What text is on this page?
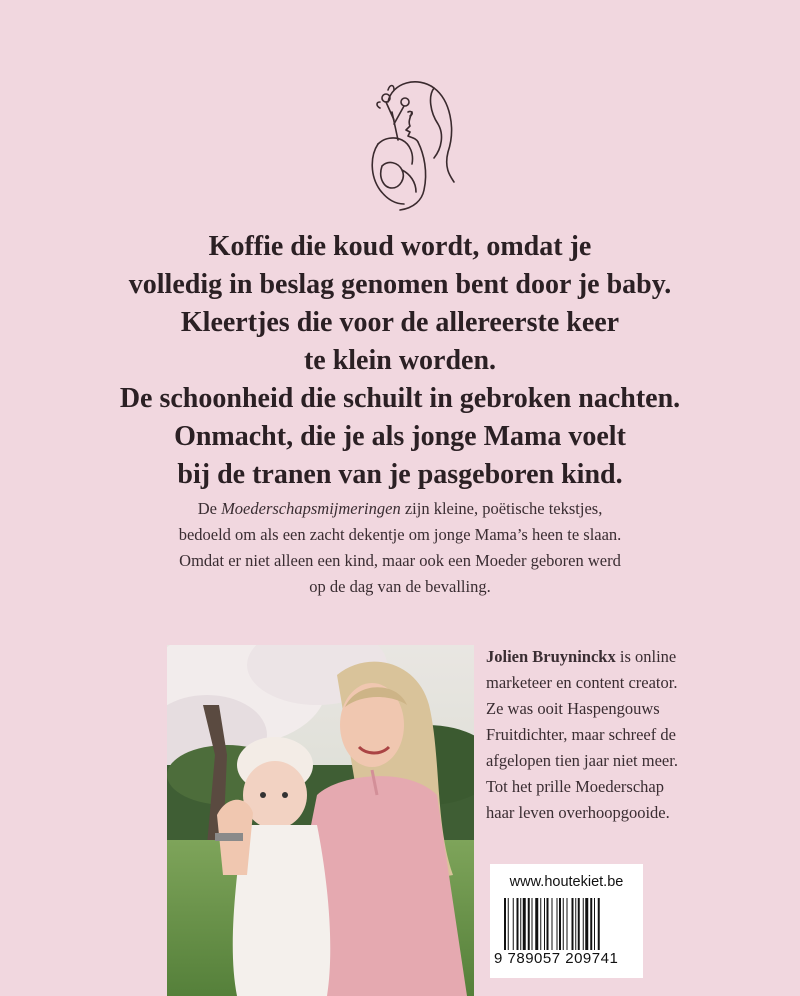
Koffie die koud wordt, omdat je

volledig in beslag genomen bent door je baby.

Kleertjes die voor de allereerste keer

te klein worden.

De schoonheid die schuilt in gebroken nachten.

Onmacht, die je als jonge Mama voelt

bij de tranen van je pasgeboren kind.

De Moederschapsmijmeringen zijn kleine, poëtische tekstjes,

bedoeld om als een zacht dekentje om jonge Mama’s heen te slaan.

Omdat er niet alleen een kind, maar ook een Moeder geboren werd

op de dag van de bevalling.

Jolien Bruyninckx is online

marketeer en content creator.

Ze was ooit Haspengouws

Fruitdichter, maar schreef de

afgelopen tien jaar niet meer.

Tot het prille Moederschap

haar leven overhoopgooide.

www.houtekiet.be
9 789057 209741
